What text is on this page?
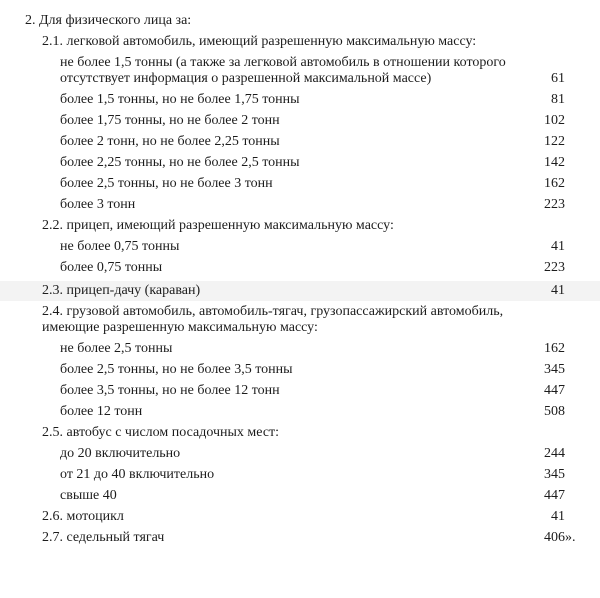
2. Для физического лица за:
2.1. легковой автомобиль, имеющий разрешенную максимальную массу:
не более 1,5 тонны (а также за легковой автомобиль в отношении которого отсутствует информация о разрешенной максимальной массе)	61
более 1,5 тонны, но не более 1,75 тонны	81
более 1,75 тонны, но не более 2 тонн	102
более 2 тонн, но не более 2,25 тонны	122
более 2,25 тонны, но не более 2,5 тонны	142
более 2,5 тонны, но не более 3 тонн	162
более 3 тонн	223
2.2. прицеп, имеющий разрешенную максимальную массу:
не более 0,75 тонны	41
более 0,75 тонны	223
2.3. прицеп-дачу (караван)	41
2.4. грузовой автомобиль, автомобиль-тягач, грузопассажирский автомобиль, имеющие разрешенную максимальную массу:
не более 2,5 тонны	162
более 2,5 тонны, но не более 3,5 тонны	345
более 3,5 тонны, но не более 12 тонн	447
более 12 тонн	508
2.5. автобус с числом посадочных мест:
до 20 включительно	244
от 21 до 40 включительно	345
свыше 40	447
2.6. мотоцикл	41
2.7. седельный тягач	406 ».
